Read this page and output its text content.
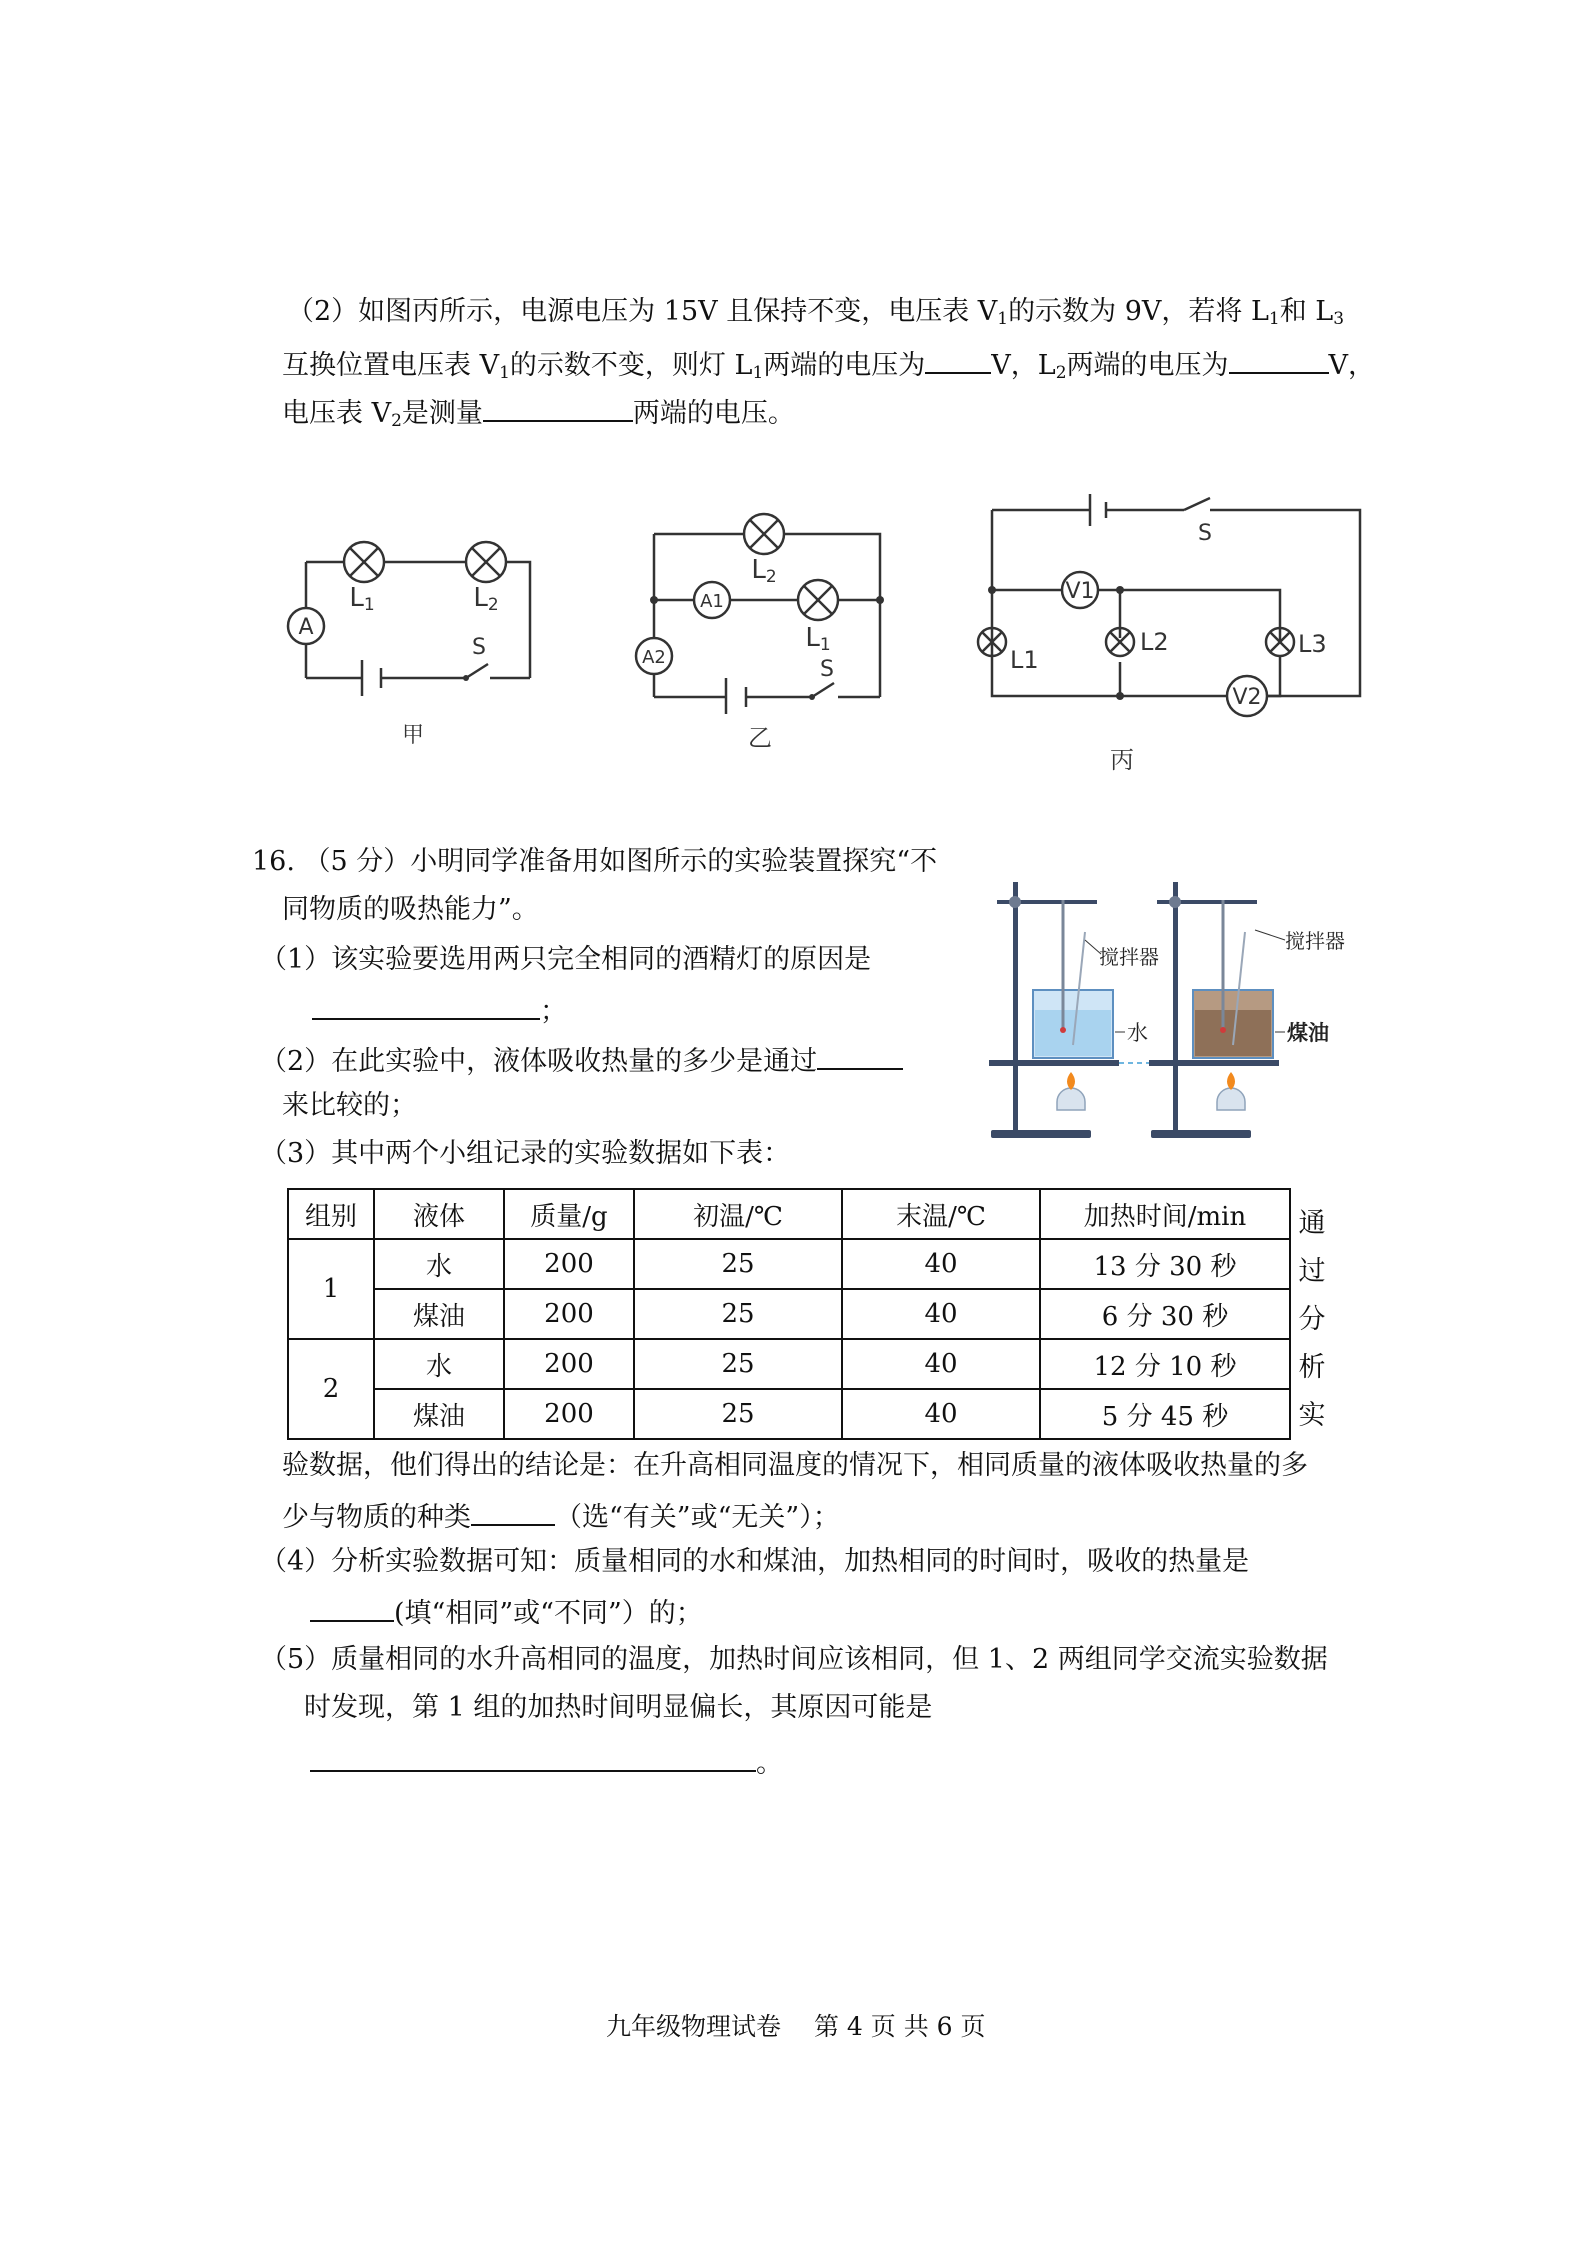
（2）如图丙所示，电源电压为 15V 且保持不变，电压表 $V_1$的示数为 9V，若将 $L_1$和 $L_3$
互换位置电压表 $V_1$的示数不变，则灯 $L_1$两端的电压为 V，$L_2$两端的电压为	V，
电压表 $V_2$是测量	两端的电压。
A
L1	L2
S
甲
L2
L1
A1
A2	S
乙
V1
V2
L1
L2	L3
S
丙
16. （5 分）小明同学准备用如图所示的实验装置探究“不
同物质的吸热能力”。
（1）该实验要选用两只完全相同的酒精灯的原因是
；
（2）在此实验中，液体吸收热量的多少是通过
来比较的；
（3）其中两个小组记录的实验数据如下表：
搅拌器
搅拌器
水	煤油
组别	液体	质量/g	初温/℃	末温/℃	加热时间/min
1	水	200	25	40	13 分 30 秒
	煤油	200	25	40	6 分 30 秒
2	水	200	25	40	12 分 10 秒
	煤油	200	25	40	5 分 45 秒
通
过
分
析
实
验数据，他们得出的结论是：在升高相同温度的情况下，相同质量的液体吸收热量的多
少与物质的种类	（选“有关”或“无关”）；
（4）分析实验数据可知：质量相同的水和煤油，加热相同的时间时，吸收的热量是
(填“相同”或“不同”）的；
（5）质量相同的水升高相同的温度，加热时间应该相同，但 1、2 两组同学交流实验数据
时发现，第 1 组的加热时间明显偏长，其原因可能是
。
九年级物理试卷　 第 4 页 共 6 页
